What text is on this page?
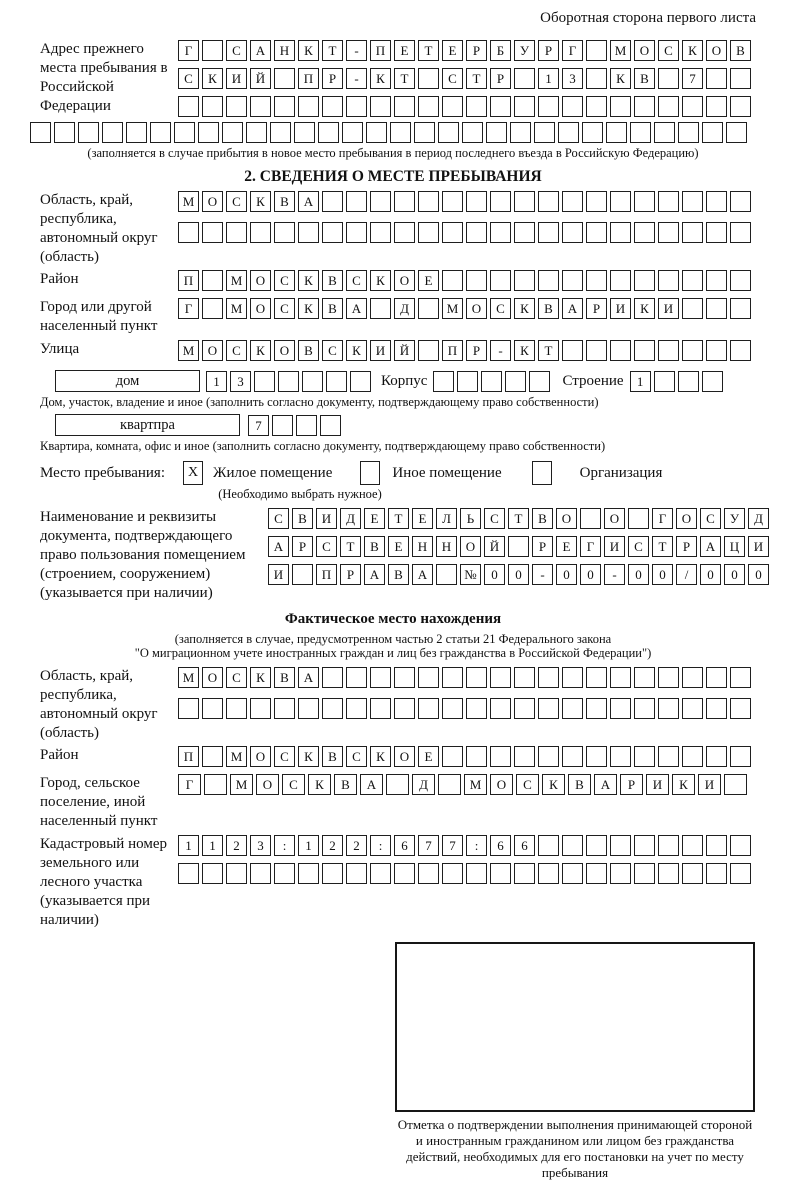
Оборотная сторона первого листа
Адрес прежнего места пребывания в Российской Федерации
Г	С	А	Н	К	Т	-	П	Е	Т	Е	Р	Б	У	Р	Г	М	О	С	К	О	В
С	К	И	Й	П	Р	-	К	Т	С	Т	Р	1	3	К	В	7
(заполняется в случае прибытия в новое место пребывания в период последнего въезда в Российскую Федерацию)
2. СВЕДЕНИЯ О МЕСТЕ ПРЕБЫВАНИЯ
Область, край, республика, автономный округ (область)
М	О	С	К	В	А
Район	П	М	О	С	К	В	С	К	О	Е
Город или другой населенный пункт
Г	М	О	С	К	В	А	Д	М	О	С	К	В	А	Р	И	К	И
Улица	М	О	С	К	О	В	С	К	И	Й	П	Р	-	К	Т
дом	1	3	Корпус	Строение	1
Дом, участок, владение и иное (заполнить согласно документу, подтверждающему право собственности)
квартпра	7
Квартира, комната, офис и иное (заполнить согласно документу, подтверждающему право собственности)
Место пребывания:	X Жилое помещение	Иное помещение	Организация
(Необходимо выбрать нужное)
Наименование и реквизиты документа, подтверждающего право пользования помещением (строением, сооружением) (указывается при наличии)
С	В	И	Д	Е	Т	Е	Л	Ь	С	Т	В	О	О	Г	О	С	У	Д
А	Р	С	Т	В	Е	Н	Н	О	Й	Р	Е	Г	И	С	Т	Р	А	Ц	И
И	П	Р	А	В	А	№	0	0	-	0	0	-	0	0	/	0	0	0
Фактическое место нахождения
(заполняется в случае, предусмотренном частью 2 статьи 21 Федерального закона
"О миграционном учете иностранных граждан и лиц без гражданства в Российской Федерации")
Область, край, республика, автономный округ (область)
М	О	С	К	В	А
Район	П	М	О	С	К	В	С	К	О	Е
Город, сельское поселение, иной населенный пункт
Г	М	О	С	К	В	А	Д	М	О	С	К	В	А	Р	И	К	И
Кадастровый номер земельного или лесного участка (указывается при наличии)
1	1	2	3	:	1	2	2	:	6	7	7	:	6	6
Отметка о подтверждении выполнения принимающей стороной и иностранным гражданином или лицом без гражданства действий, необходимых для его постановки на учет по месту пребывания
